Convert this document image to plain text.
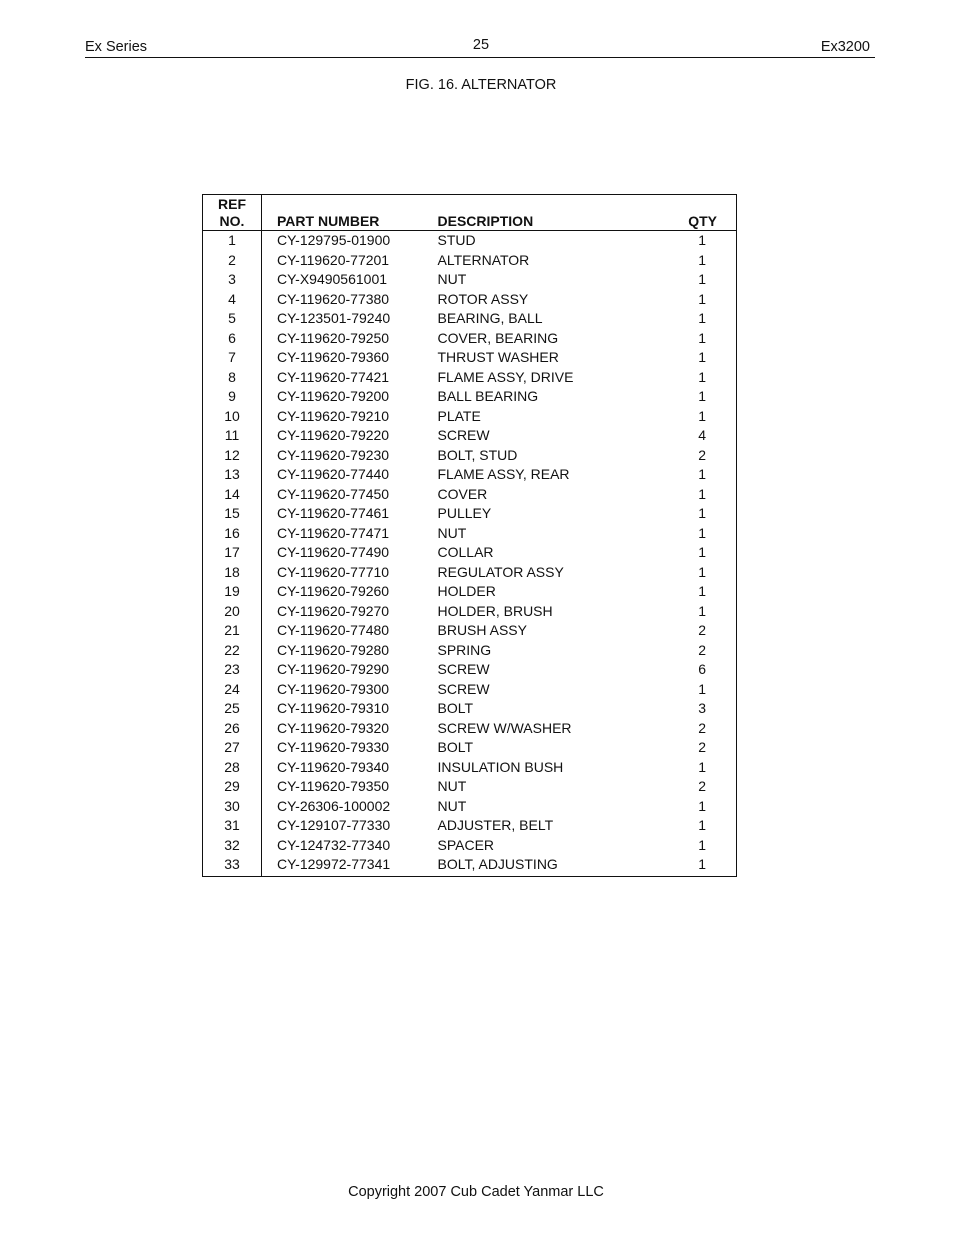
Ex Series	25	Ex3200
FIG. 16. ALTERNATOR
REF
NO.	PART NUMBER	DESCRIPTION	QTY
1	CY-129795-01900	STUD	1
2	CY-119620-77201	ALTERNATOR	1
3	CY-X9490561001	NUT	1
4	CY-119620-77380	ROTOR ASSY	1
5	CY-123501-79240	BEARING, BALL	1
6	CY-119620-79250	COVER, BEARING	1
7	CY-119620-79360	THRUST WASHER	1
8	CY-119620-77421	FLAME ASSY, DRIVE	1
9	CY-119620-79200	BALL BEARING	1
10	CY-119620-79210	PLATE	1
11	CY-119620-79220	SCREW	4
12	CY-119620-79230	BOLT, STUD	2
13	CY-119620-77440	FLAME ASSY, REAR	1
14	CY-119620-77450	COVER	1
15	CY-119620-77461	PULLEY	1
16	CY-119620-77471	NUT	1
17	CY-119620-77490	COLLAR	1
18	CY-119620-77710	REGULATOR ASSY	1
19	CY-119620-79260	HOLDER	1
20	CY-119620-79270	HOLDER, BRUSH	1
21	CY-119620-77480	BRUSH ASSY	2
22	CY-119620-79280	SPRING	2
23	CY-119620-79290	SCREW	6
24	CY-119620-79300	SCREW	1
25	CY-119620-79310	BOLT	3
26	CY-119620-79320	SCREW W/WASHER	2
27	CY-119620-79330	BOLT	2
28	CY-119620-79340	INSULATION BUSH	1
29	CY-119620-79350	NUT	2
30	CY-26306-100002	NUT	1
31	CY-129107-77330	ADJUSTER, BELT	1
32	CY-124732-77340	SPACER	1
33	CY-129972-77341	BOLT, ADJUSTING	1
Copyright 2007 Cub Cadet Yanmar LLC
